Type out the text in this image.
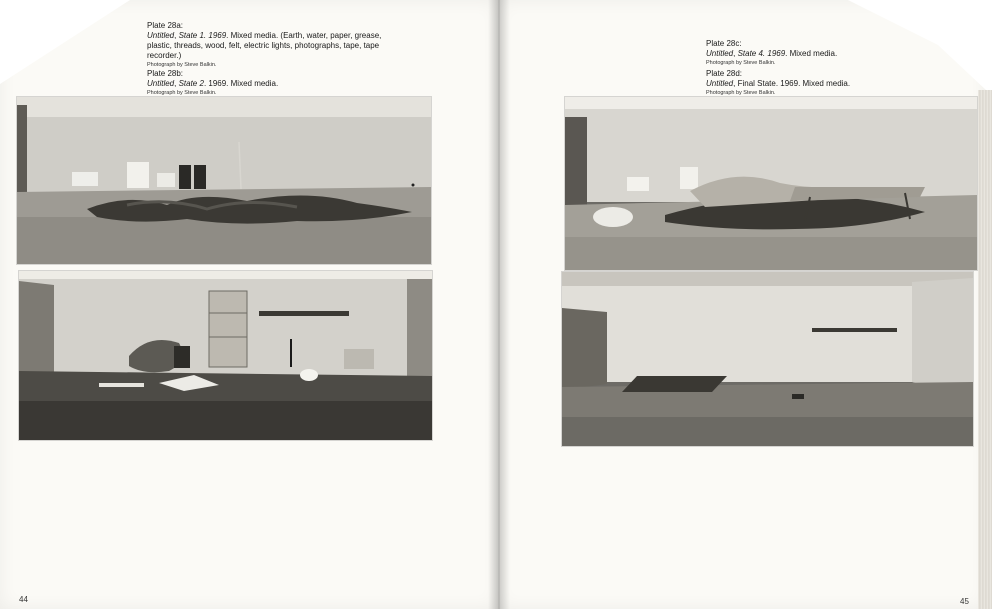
Plate 28a:
Untitled, State 1. 1969. Mixed media. (Earth, water, paper, grease, plastic, threads, wood, felt, electric lights, photographs, tape, tape recorder.)
Photograph by Steve Balkin.
Plate 28b:
Untitled, State 2. 1969. Mixed media.
Photograph by Steve Balkin.
Plate 28c:
Untitled, State 4. 1969. Mixed media.
Photograph by Steve Balkin.
Plate 28d:
Untitled, Final State. 1969. Mixed media.
Photograph by Steve Balkin.
44	45
